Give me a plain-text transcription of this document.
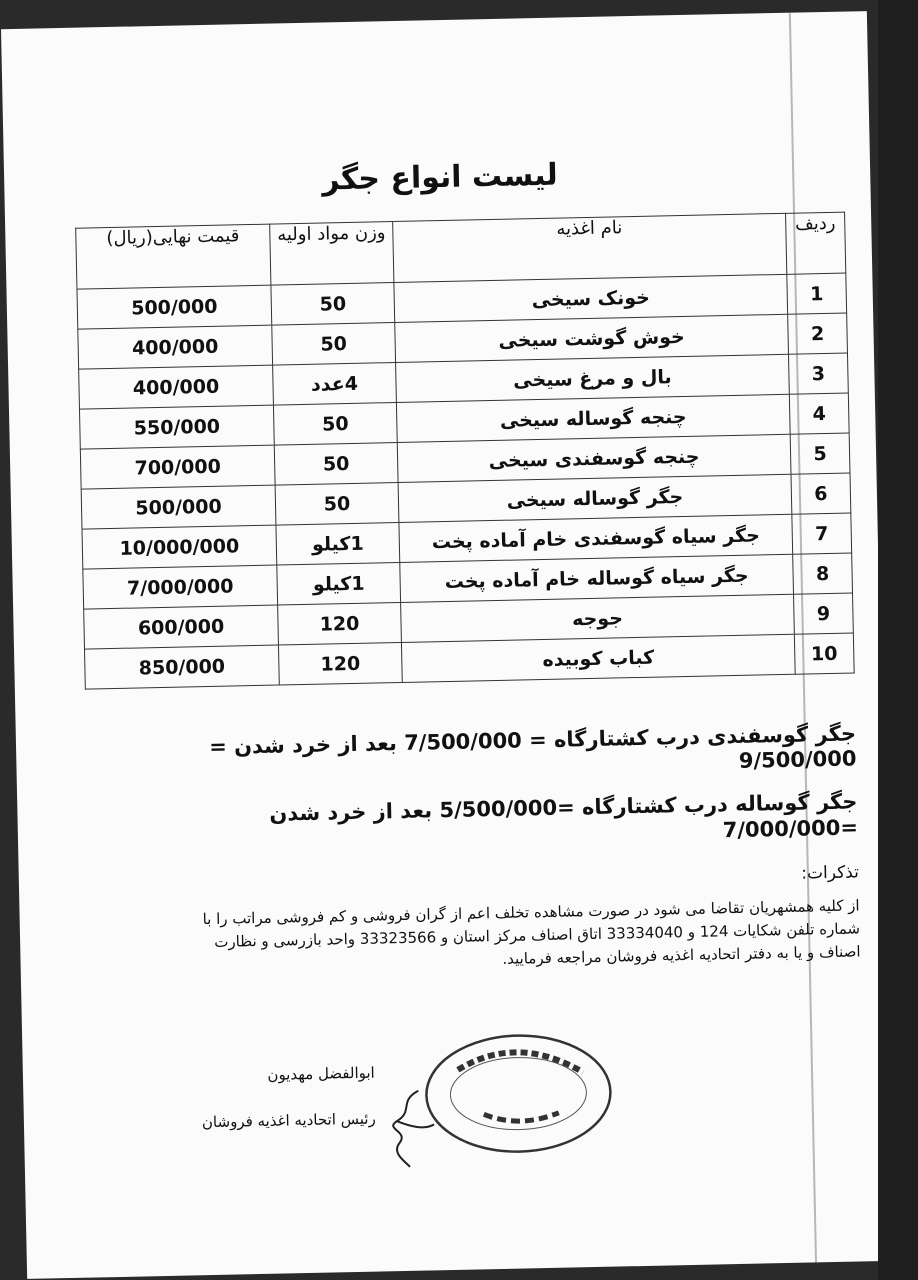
لیست انواع جگر
ردیف	نام اغذیه	وزن مواد اولیه	قیمت نهایی(ریال)
1	خونک سیخی	50	500/000
2	خوش گوشت سیخی	50	400/000
3	بال و مرغ سیخی	4عدد	400/000
4	چنجه گوساله سیخی	50	550/000
5	چنجه گوسفندی سیخی	50	700/000
6	جگر گوساله سیخی	50	500/000
7	جگر سیاه گوسفندی خام آماده پخت	1کیلو	10/000/000
8	جگر سیاه گوساله خام آماده پخت	1کیلو	7/000/000
9	جوجه	120	600/000
10	کباب کوبیده	120	850/000
جگر گوسفندی درب کشتارگاه = 7/500/000 بعد از خرد شدن = 9/500/000
جگر گوساله درب کشتارگاه =5/500/000 بعد از خرد شدن =7/000/000
تذکرات:
از کلیه همشهریان تقاضا می شود در صورت مشاهده تخلف اعم از گران فروشی و کم فروشی مراتب را با شماره تلفن شکایات 124 و 33334040 اتاق اصناف مرکز استان و 33323566 واحد بازرسی و نظارت اصناف و یا به دفتر اتحادیه اغذیه فروشان مراجعه فرمایید.
ابوالفضل مهدیون
رئیس اتحادیه اغذیه فروشان
